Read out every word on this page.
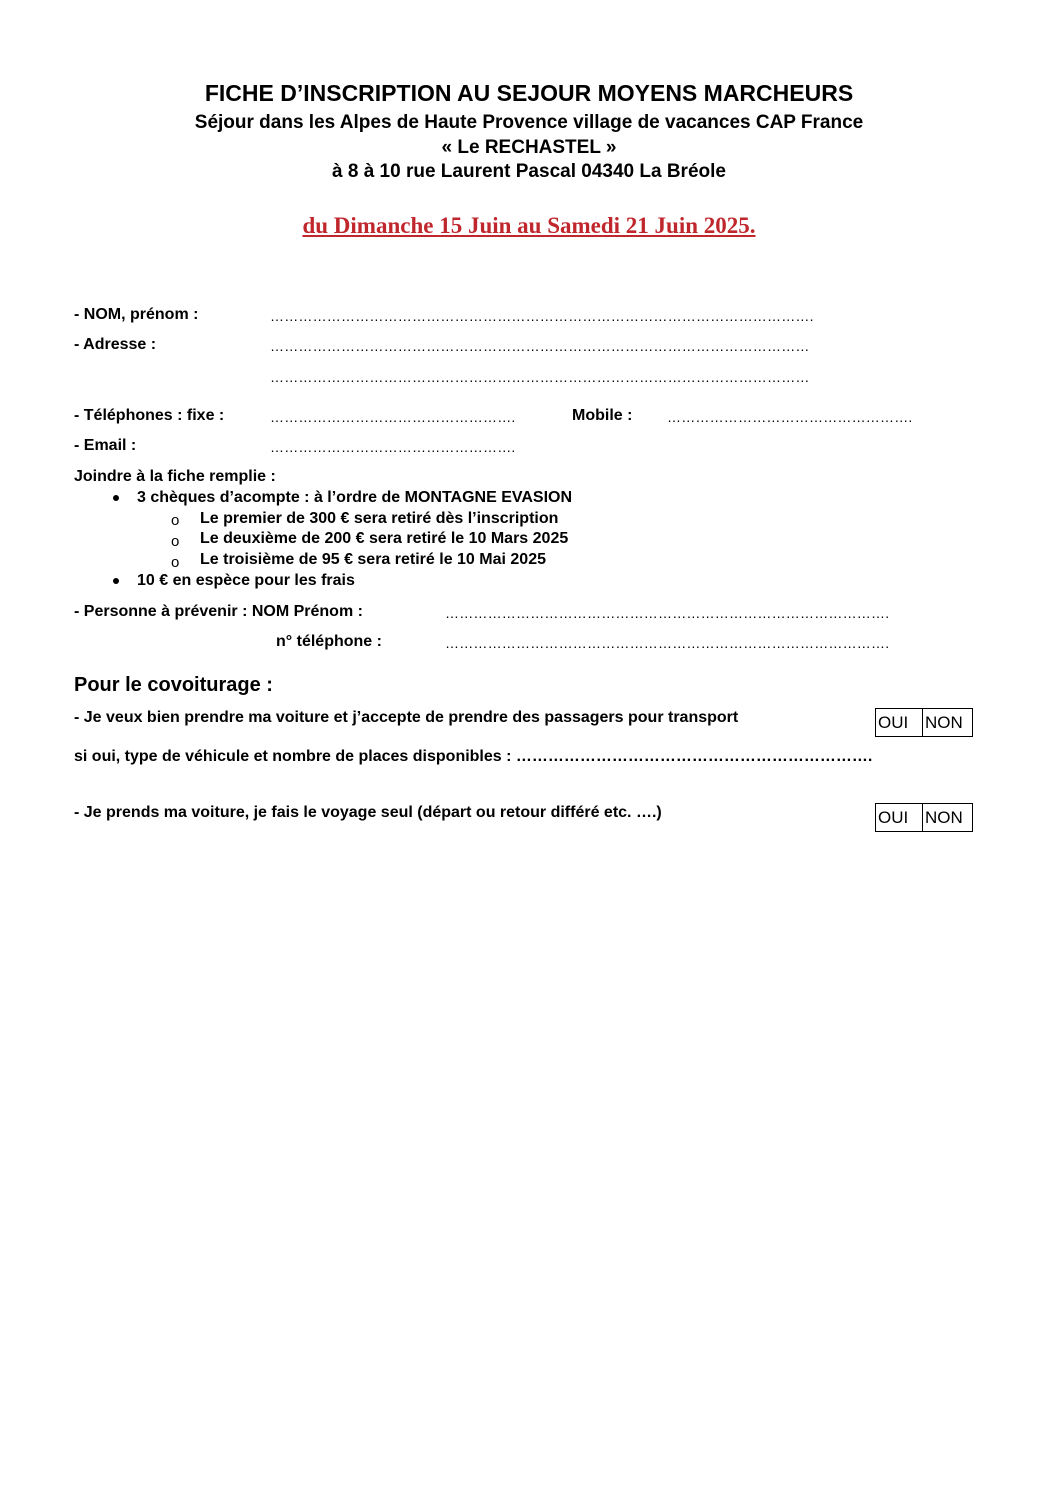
FICHE D’INSCRIPTION AU SEJOUR MOYENS MARCHEURS
Séjour dans les Alpes de Haute Provence village de vacances CAP France
« Le RECHASTEL »
à 8 à 10 rue Laurent Pascal 04340 La Bréole
du Dimanche 15 Juin au Samedi 21 Juin 2025.
- NOM, prénom :	…………………………………………………………………………………………………….
- Adresse :	……………………………………………………………………………………………………
……………………………………………………………………………………………………
- Téléphones : fixe :	…………………………………………….	Mobile : …………………………………………….
- Email :	…………………………………………….
Joindre à la fiche remplie :
3 chèques d’acompte : à l’ordre de MONTAGNE EVASION
o Le premier de 300 € sera retiré dès l’inscription
o Le deuxième de 200 € sera retiré le 10 Mars 2025
o Le troisième de 95 € sera retiré le 10 Mai 2025
10 € en espèce pour les frais
- Personne à prévenir : NOM Prénom :	………………………………………………………………………………….
n° téléphone :	………………………………………………………………………………….
Pour le covoiturage :
- Je veux bien prendre ma voiture et j’accepte de prendre des passagers pour transport	OUI NON
si oui, type de véhicule et nombre de places disponibles : ………………………………………………………….
- Je prends ma voiture, je fais le voyage seul (départ ou retour différé etc. ….)	OUI NON
